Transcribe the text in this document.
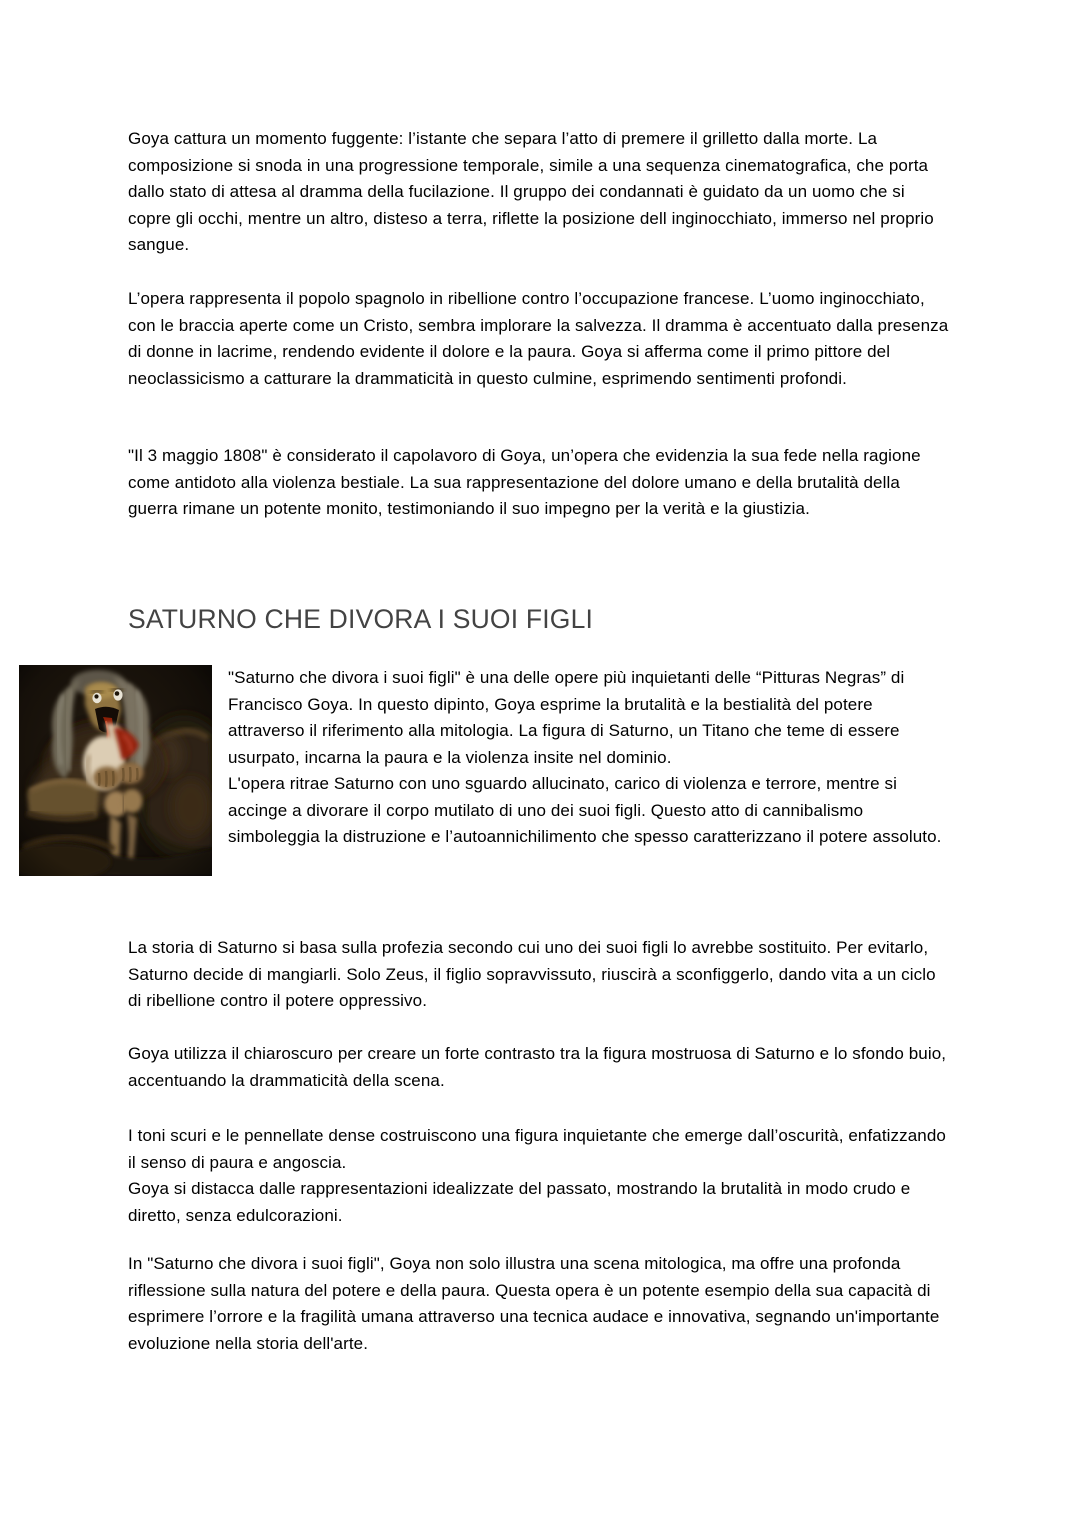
Goya cattura un momento fuggente: l’istante che separa l’atto di premere il grilletto dalla morte. La composizione si snoda in una progressione temporale, simile a una sequenza cinematografica, che porta dallo stato di attesa al dramma della fucilazione. Il gruppo dei condannati è guidato da un uomo che si copre gli occhi, mentre un altro, disteso a terra, riflette la posizione dell inginocchiato, immerso nel proprio sangue.

L’opera rappresenta il popolo spagnolo in ribellione contro l’occupazione francese. L’uomo inginocchiato, con le braccia aperte come un Cristo, sembra implorare la salvezza. Il dramma è accentuato dalla presenza di donne in lacrime, rendendo evidente il dolore e la paura. Goya si afferma come il primo pittore del neoclassicismo a catturare la drammaticità in questo culmine, esprimendo sentimenti profondi.

"Il 3 maggio 1808" è considerato il capolavoro di Goya, un’opera che evidenzia la sua fede nella ragione come antidoto alla violenza bestiale. La sua rappresentazione del dolore umano e della brutalità della guerra rimane un potente monito, testimoniando il suo impegno per la verità e la giustizia.

SATURNO CHE DIVORA I SUOI FIGLI

"Saturno che divora i suoi figli" è una delle opere più inquietanti delle “Pitturas Negras” di Francisco Goya. In questo dipinto, Goya esprime la brutalità e la bestialità del potere attraverso il riferimento alla mitologia. La figura di Saturno, un Titano che teme di essere usurpato, incarna la paura e la violenza insite nel dominio.

L'opera ritrae Saturno con uno sguardo allucinato, carico di violenza e terrore, mentre si accinge a divorare il corpo mutilato di uno dei suoi figli. Questo atto di cannibalismo simboleggia la distruzione e l’autoannichilimento che spesso caratterizzano il potere assoluto.

La storia di Saturno si basa sulla profezia secondo cui uno dei suoi figli lo avrebbe sostituito. Per evitarlo, Saturno decide di mangiarli. Solo Zeus, il figlio sopravvissuto, riuscirà a sconfiggerlo, dando vita a un ciclo di ribellione contro il potere oppressivo.

Goya utilizza il chiaroscuro per creare un forte contrasto tra la figura mostruosa di Saturno e lo sfondo buio, accentuando la drammaticità della scena.

I toni scuri e le pennellate dense costruiscono una figura inquietante che emerge dall’oscurità, enfatizzando il senso di paura e angoscia.

Goya si distacca dalle rappresentazioni idealizzate del passato, mostrando la brutalità in modo crudo e diretto, senza edulcorazioni.

In "Saturno che divora i suoi figli", Goya non solo illustra una scena mitologica, ma offre una profonda riflessione sulla natura del potere e della paura. Questa opera è un potente esempio della sua capacità di esprimere l’orrore e la fragilità umana attraverso una tecnica audace e innovativa, segnando un'importante evoluzione nella storia dell'arte.
